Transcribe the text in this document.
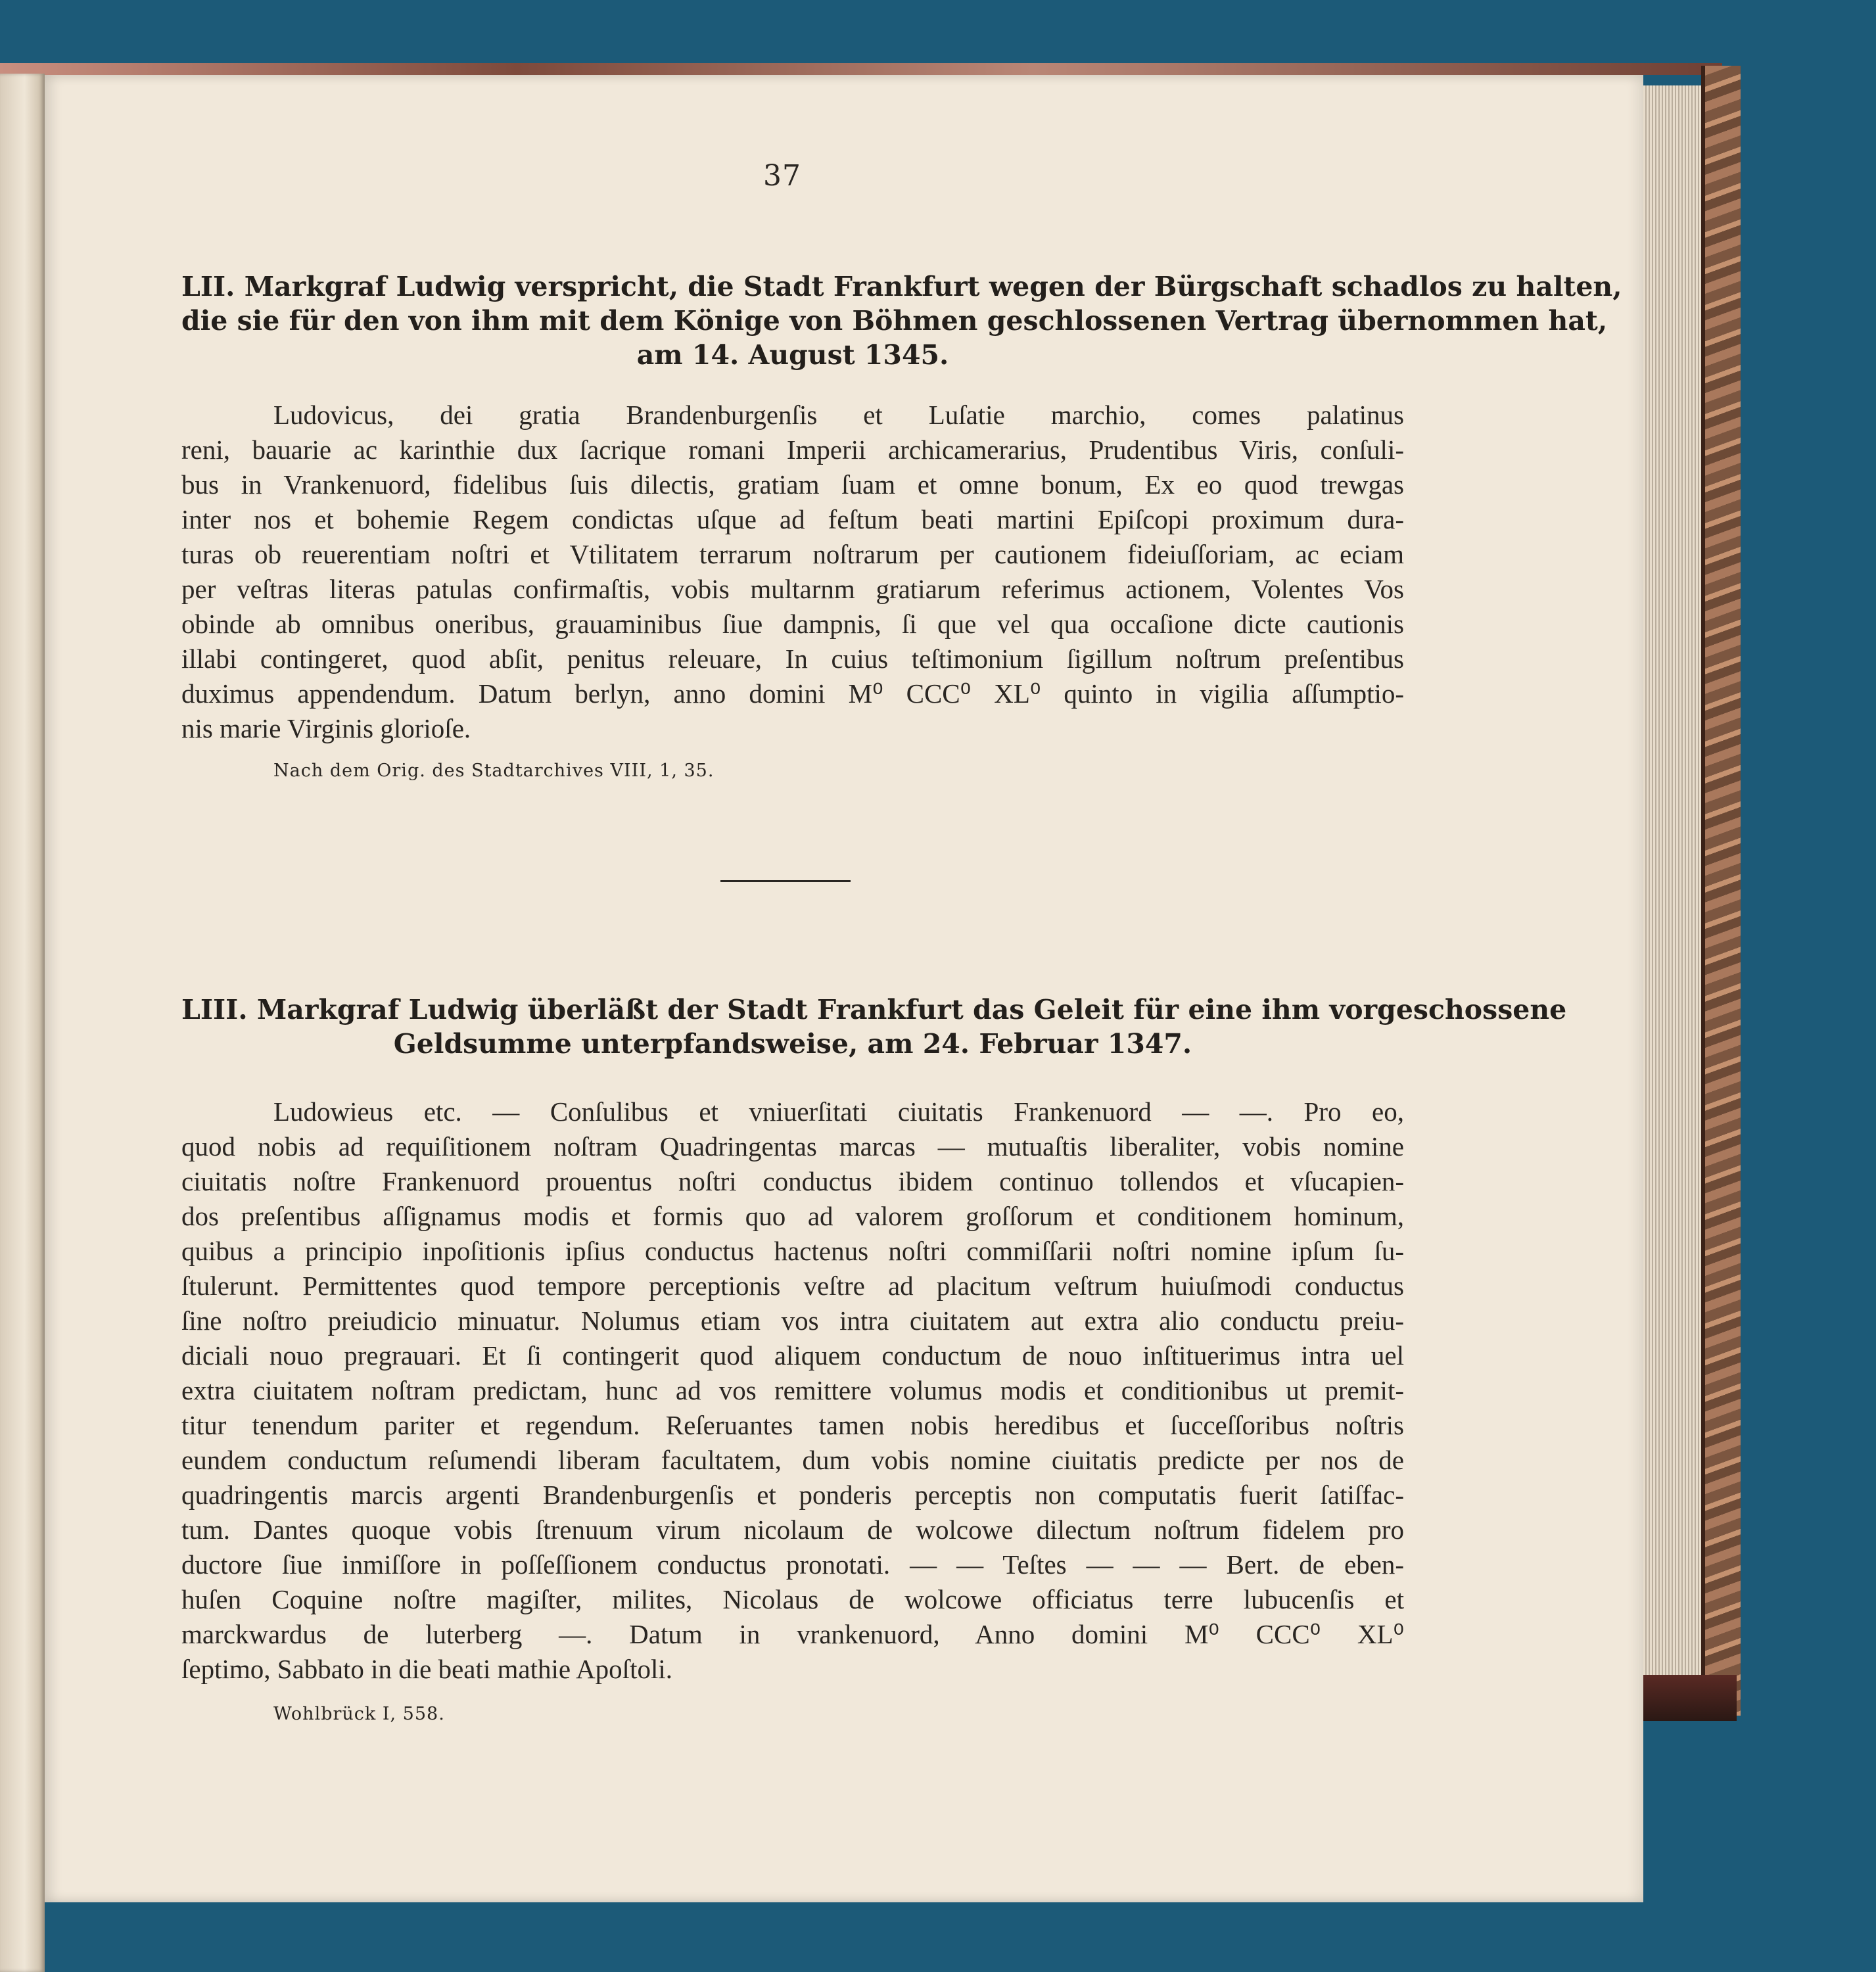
37
LII. Markgraf Ludwig verspricht, die Stadt Frankfurt wegen der Bürgschaft schadlos zu halten,
die sie für den von ihm mit dem Könige von Böhmen geschlossenen Vertrag übernommen hat,
am 14. August 1345.
Ludovicus, dei gratia Brandenburgenſis et Luſatie marchio, comes palatinus
reni, bauarie ac karinthie dux ſacrique romani Imperii archicamerarius, Prudentibus Viris, conſuli-
bus in Vrankenuord, fidelibus ſuis dilectis, gratiam ſuam et omne bonum, Ex eo quod trewgas
inter nos et bohemie Regem condictas uſque ad feſtum beati martini Epiſcopi proximum dura-
turas ob reuerentiam noſtri et Vtilitatem terrarum noſtrarum per cautionem fideiuſſoriam, ac eciam
per veſtras literas patulas confirmaſtis, vobis multarnm gratiarum referimus actionem, Volentes Vos
obinde ab omnibus oneribus, grauaminibus ſiue dampnis, ſi que vel qua occaſione dicte cautionis
illabi contingeret, quod abſit, penitus releuare, In cuius teſtimonium ſigillum noſtrum preſentibus
duximus appendendum. Datum berlyn, anno domini M⁰ CCC⁰ XL⁰ quinto in vigilia aſſumptio-
nis marie Virginis glorioſe.
Nach dem Orig. des Stadtarchives VIII, 1, 35.
LIII. Markgraf Ludwig überläßt der Stadt Frankfurt das Geleit für eine ihm vorgeschossene
Geldsumme unterpfandsweise, am 24. Februar 1347.
Ludowieus etc. — Conſulibus et vniuerſitati ciuitatis Frankenuord — —. Pro eo,
quod nobis ad requiſitionem noſtram Quadringentas marcas — mutuaſtis liberaliter, vobis nomine
ciuitatis noſtre Frankenuord prouentus noſtri conductus ibidem continuo tollendos et vſucapien-
dos preſentibus aſſignamus modis et formis quo ad valorem groſſorum et conditionem hominum,
quibus a principio inpoſitionis ipſius conductus hactenus noſtri commiſſarii noſtri nomine ipſum ſu-
ſtulerunt. Permittentes quod tempore perceptionis veſtre ad placitum veſtrum huiuſmodi conductus
ſine noſtro preiudicio minuatur. Nolumus etiam vos intra ciuitatem aut extra alio conductu preiu-
diciali nouo pregrauari. Et ſi contingerit quod aliquem conductum de nouo inſtituerimus intra uel
extra ciuitatem noſtram predictam, hunc ad vos remittere volumus modis et conditionibus ut premit-
titur tenendum pariter et regendum. Reſeruantes tamen nobis heredibus et ſucceſſoribus noſtris
eundem conductum reſumendi liberam facultatem, dum vobis nomine ciuitatis predicte per nos de
quadringentis marcis argenti Brandenburgenſis et ponderis perceptis non computatis fuerit ſatiſfac-
tum. Dantes quoque vobis ſtrenuum virum nicolaum de wolcowe dilectum noſtrum fidelem pro
ductore ſiue inmiſſore in poſſeſſionem conductus pronotati. — — Teſtes — — — Bert. de eben-
huſen Coquine noſtre magiſter, milites, Nicolaus de wolcowe officiatus terre lubucenſis et
marckwardus de luterberg —. Datum in vrankenuord, Anno domini M⁰ CCC⁰ XL⁰
ſeptimo, Sabbato in die beati mathie Apoſtoli.
Wohlbrück I, 558.
